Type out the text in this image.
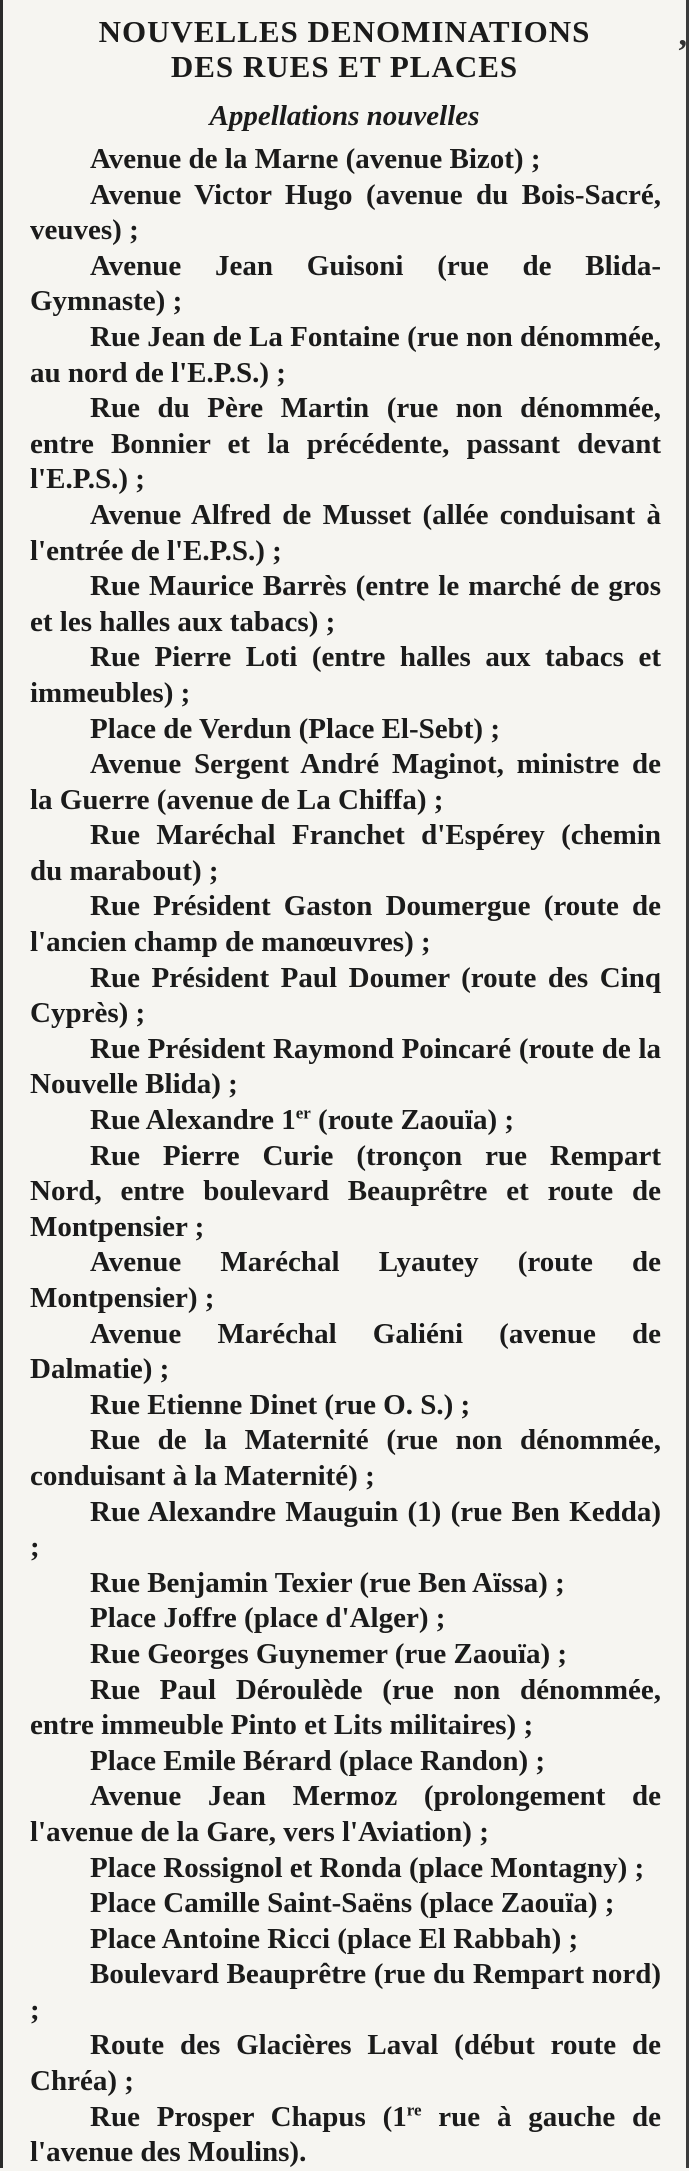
,
NOUVELLES DENOMINATIONS
DES RUES ET PLACES
Appellations nouvelles
Avenue de la Marne (avenue Bizot) ;
Avenue Victor Hugo (avenue du Bois-Sacré, veuves) ;
Avenue Jean Guisoni (rue de Blida-Gymnaste) ;
Rue Jean de La Fontaine (rue non dénommée, au nord de l'E.P.S.) ;
Rue du Père Martin (rue non dénommée, entre Bonnier et la précédente, passant devant l'E.P.S.) ;
Avenue Alfred de Musset (allée conduisant à l'entrée de l'E.P.S.) ;
Rue Maurice Barrès (entre le marché de gros et les halles aux tabacs) ;
Rue Pierre Loti (entre halles aux tabacs et immeubles) ;
Place de Verdun (Place El-Sebt) ;
Avenue Sergent André Maginot, ministre de la Guerre (avenue de La Chiffa) ;
Rue Maréchal Franchet d'Espérey (chemin du marabout) ;
Rue Président Gaston Doumergue (route de l'ancien champ de manœuvres) ;
Rue Président Paul Doumer (route des Cinq Cyprès) ;
Rue Président Raymond Poincaré (route de la Nouvelle Blida) ;
Rue Alexandre 1er (route Zaouïa) ;
Rue Pierre Curie (tronçon rue Rempart Nord, entre boulevard Beauprêtre et route de Montpensier ;
Avenue Maréchal Lyautey (route de Montpensier) ;
Avenue Maréchal Galiéni (avenue de Dalmatie) ;
Rue Etienne Dinet (rue O. S.) ;
Rue de la Maternité (rue non dénommée, conduisant à la Maternité) ;
Rue Alexandre Mauguin (1) (rue Ben Kedda) ;
Rue Benjamin Texier (rue Ben Aïssa) ;
Place Joffre (place d'Alger) ;
Rue Georges Guynemer (rue Zaouïa) ;
Rue Paul Déroulède (rue non dénommée, entre immeuble Pinto et Lits militaires) ;
Place Emile Bérard (place Randon) ;
Avenue Jean Mermoz (prolongement de l'avenue de la Gare, vers l'Aviation) ;
Place Rossignol et Ronda (place Montagny) ;
Place Camille Saint-Saëns (place Zaouïa) ;
Place Antoine Ricci (place El Rabbah) ;
Boulevard Beauprêtre (rue du Rempart nord) ;
Route des Glacières Laval (début route de Chréa) ;
Rue Prosper Chapus (1re rue à gauche de l'avenue des Moulins).
